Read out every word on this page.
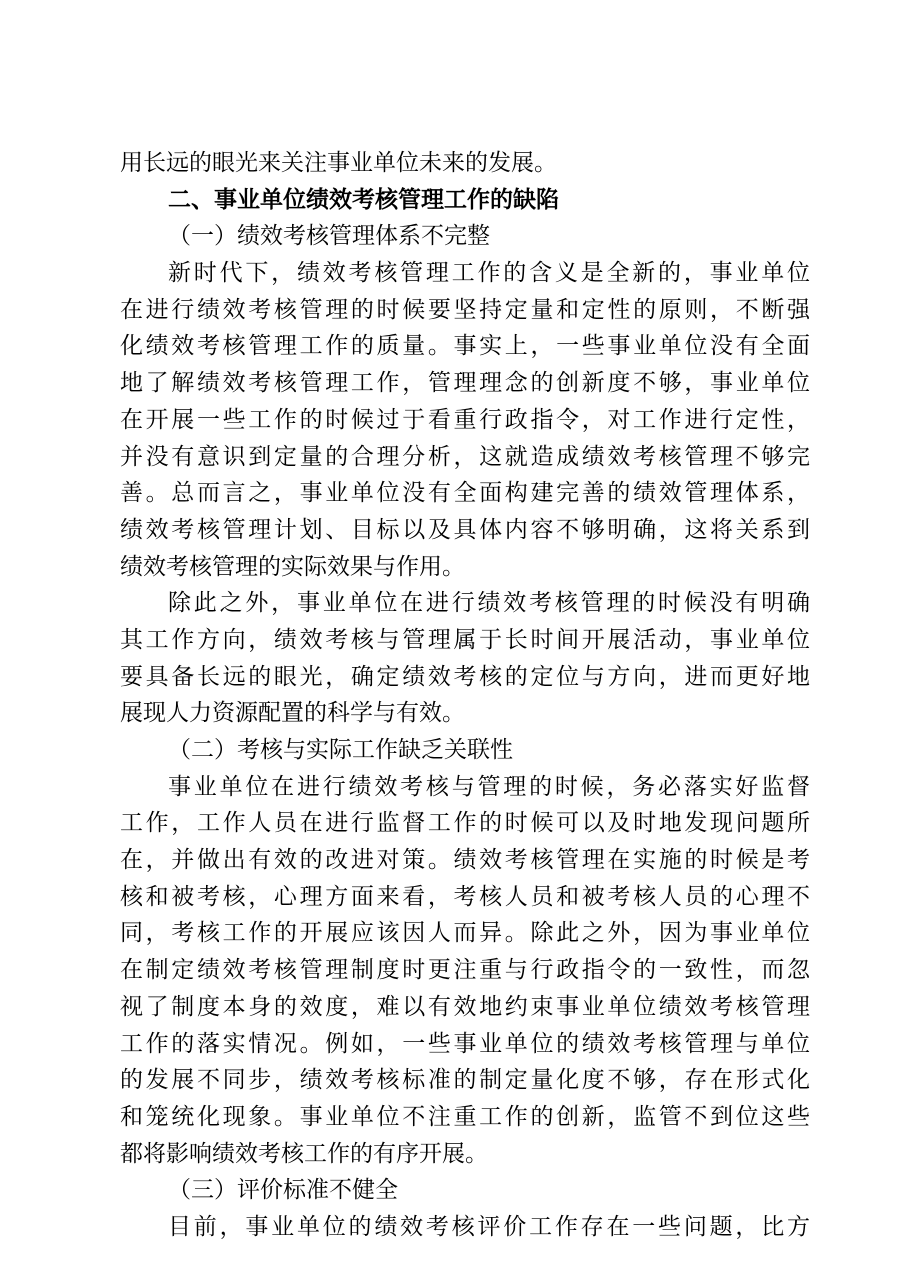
用长远的眼光来关注事业单位未来的发展。
二、事业单位绩效考核管理工作的缺陷
（一）绩效考核管理体系不完整
新时代下，绩效考核管理工作的含义是全新的，事业单位
在进行绩效考核管理的时候要坚持定量和定性的原则，不断强
化绩效考核管理工作的质量。事实上，一些事业单位没有全面
地了解绩效考核管理工作，管理理念的创新度不够，事业单位
在开展一些工作的时候过于看重行政指令，对工作进行定性，
并没有意识到定量的合理分析，这就造成绩效考核管理不够完
善。总而言之，事业单位没有全面构建完善的绩效管理体系，
绩效考核管理计划、目标以及具体内容不够明确，这将关系到
绩效考核管理的实际效果与作用。
除此之外，事业单位在进行绩效考核管理的时候没有明确
其工作方向，绩效考核与管理属于长时间开展活动，事业单位
要具备长远的眼光，确定绩效考核的定位与方向，进而更好地
展现人力资源配置的科学与有效。
（二）考核与实际工作缺乏关联性
事业单位在进行绩效考核与管理的时候，务必落实好监督
工作，工作人员在进行监督工作的时候可以及时地发现问题所
在，并做出有效的改进对策。绩效考核管理在实施的时候是考
核和被考核，心理方面来看，考核人员和被考核人员的心理不
同，考核工作的开展应该因人而异。除此之外，因为事业单位
在制定绩效考核管理制度时更注重与行政指令的一致性，而忽
视了制度本身的效度，难以有效地约束事业单位绩效考核管理
工作的落实情况。例如，一些事业单位的绩效考核管理与单位
的发展不同步，绩效考核标准的制定量化度不够，存在形式化
和笼统化现象。事业单位不注重工作的创新，监管不到位这些
都将影响绩效考核工作的有序开展。
（三）评价标准不健全
目前，事业单位的绩效考核评价工作存在一些问题，比方
